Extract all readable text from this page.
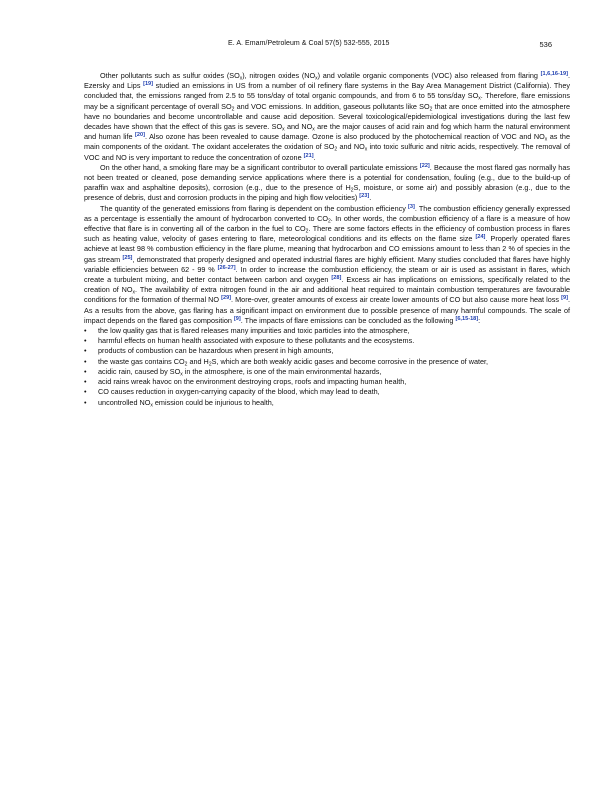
E. A. Emam/Petroleum & Coal 57(5) 532-555, 2015	536

Other pollutants such as sulfur oxides $(SO_x)$, nitrogen oxides $(NO_x)$ and volatile organic components (VOC) also released from flaring [1,6,16-19]. Ezersky and Lips [19] studied an emissions in US from a number of oil refinery flare systems in the Bay Area Management District (California). They concluded that, the emissions ranged from 2.5 to 55 tons/day of total organic compounds, and from 6 to 55 tons/day $SO_x$. Therefore, flare emissions may be a significant percentage of overall $SO_2$ and VOC emissions. In addition, gaseous pollutants like $SO_2$ that are once emitted into the atmosphere have no boundaries and become uncontrollable and cause acid deposition. Several toxicological/epidemiological investigations during the last few decades have shown that the effect of this gas is severe. $SO_x$ and $NO_x$ are the major causes of acid rain and fog which harm the natural environment and human life [20]. Also ozone has been revealed to cause damage. Ozone is also produced by the photochemical reaction of VOC and $NO_x$ as the main components of the oxidant. The oxidant accelerates the oxidation of $SO_2$ and $NO_x$ into toxic sulfuric and nitric acids, respectively. The removal of VOC and NO is very important to reduce the concentration of ozone [21].

On the other hand, a smoking flare may be a significant contributor to overall particulate emissions [22]. Because the most flared gas normally has not been treated or cleaned, pose demanding service applications where there is a potential for condensation, fouling (e.g., due to the build-up of paraffin wax and asphaltine deposits), corrosion (e.g., due to the presence of $H_2S$, moisture, or some air) and possibly abrasion (e.g., due to the presence of debris, dust and corrosion products in the piping and high flow velocities) [23].

The quantity of the generated emissions from flaring is dependent on the combustion efficiency [3]. The combustion efficiency generally expressed as a percentage is essentially the amount of hydrocarbon converted to $CO_2$. In other words, the combustion efficiency of a flare is a measure of how effective that flare is in converting all of the carbon in the fuel to $CO_2$. There are some factors effects in the efficiency of combustion process in flares such as heating value, velocity of gases entering to flare, meteorological conditions and its effects on the flame size [24]. Properly operated flares achieve at least 98 % combustion efficiency in the flare plume, meaning that hydrocarbon and CO emissions amount to less than 2 % of species in the gas stream [25], demonstrated that properly designed and operated industrial flares are highly efficient. Many studies concluded that flares have highly variable efficiencies between 62 - 99 % [26-27]. In order to increase the combustion efficiency, the steam or air is used as assistant in flares, which create a turbulent mixing, and better contact between carbon and oxygen [28]. Excess air has implications on emissions, specifically related to the creation of $NO_x$. The availability of extra nitrogen found in the air and additional heat required to maintain combustion temperatures are favourable conditions for the formation of thermal NO [29]. More-over, greater amounts of excess air create lower amounts of CO but also cause more heat loss [9]. As a results from the above, gas flaring has a significant impact on environment due to possible presence of many harmful compounds. The scale of impact depends on the flared gas composition [9]. The impacts of flare emissions can be concluded as the following [6,15-18]:

• the low quality gas that is flared releases many impurities and toxic particles into the atmosphere,
• harmful effects on human health associated with exposure to these pollutants and the ecosystems.
• products of combustion can be hazardous when present in high amounts,
• the waste gas contains $CO_2$ and $H_2S$, which are both weakly acidic gases and become corrosive in the presence of water,
• acidic rain, caused by $SO_x$ in the atmosphere, is one of the main environmental hazards,
• acid rains wreak havoc on the environment destroying crops, roofs and impacting human health,
• CO causes reduction in oxygen-carrying capacity of the blood, which may lead to death,
• uncontrolled $NO_x$ emission could be injurious to health,
